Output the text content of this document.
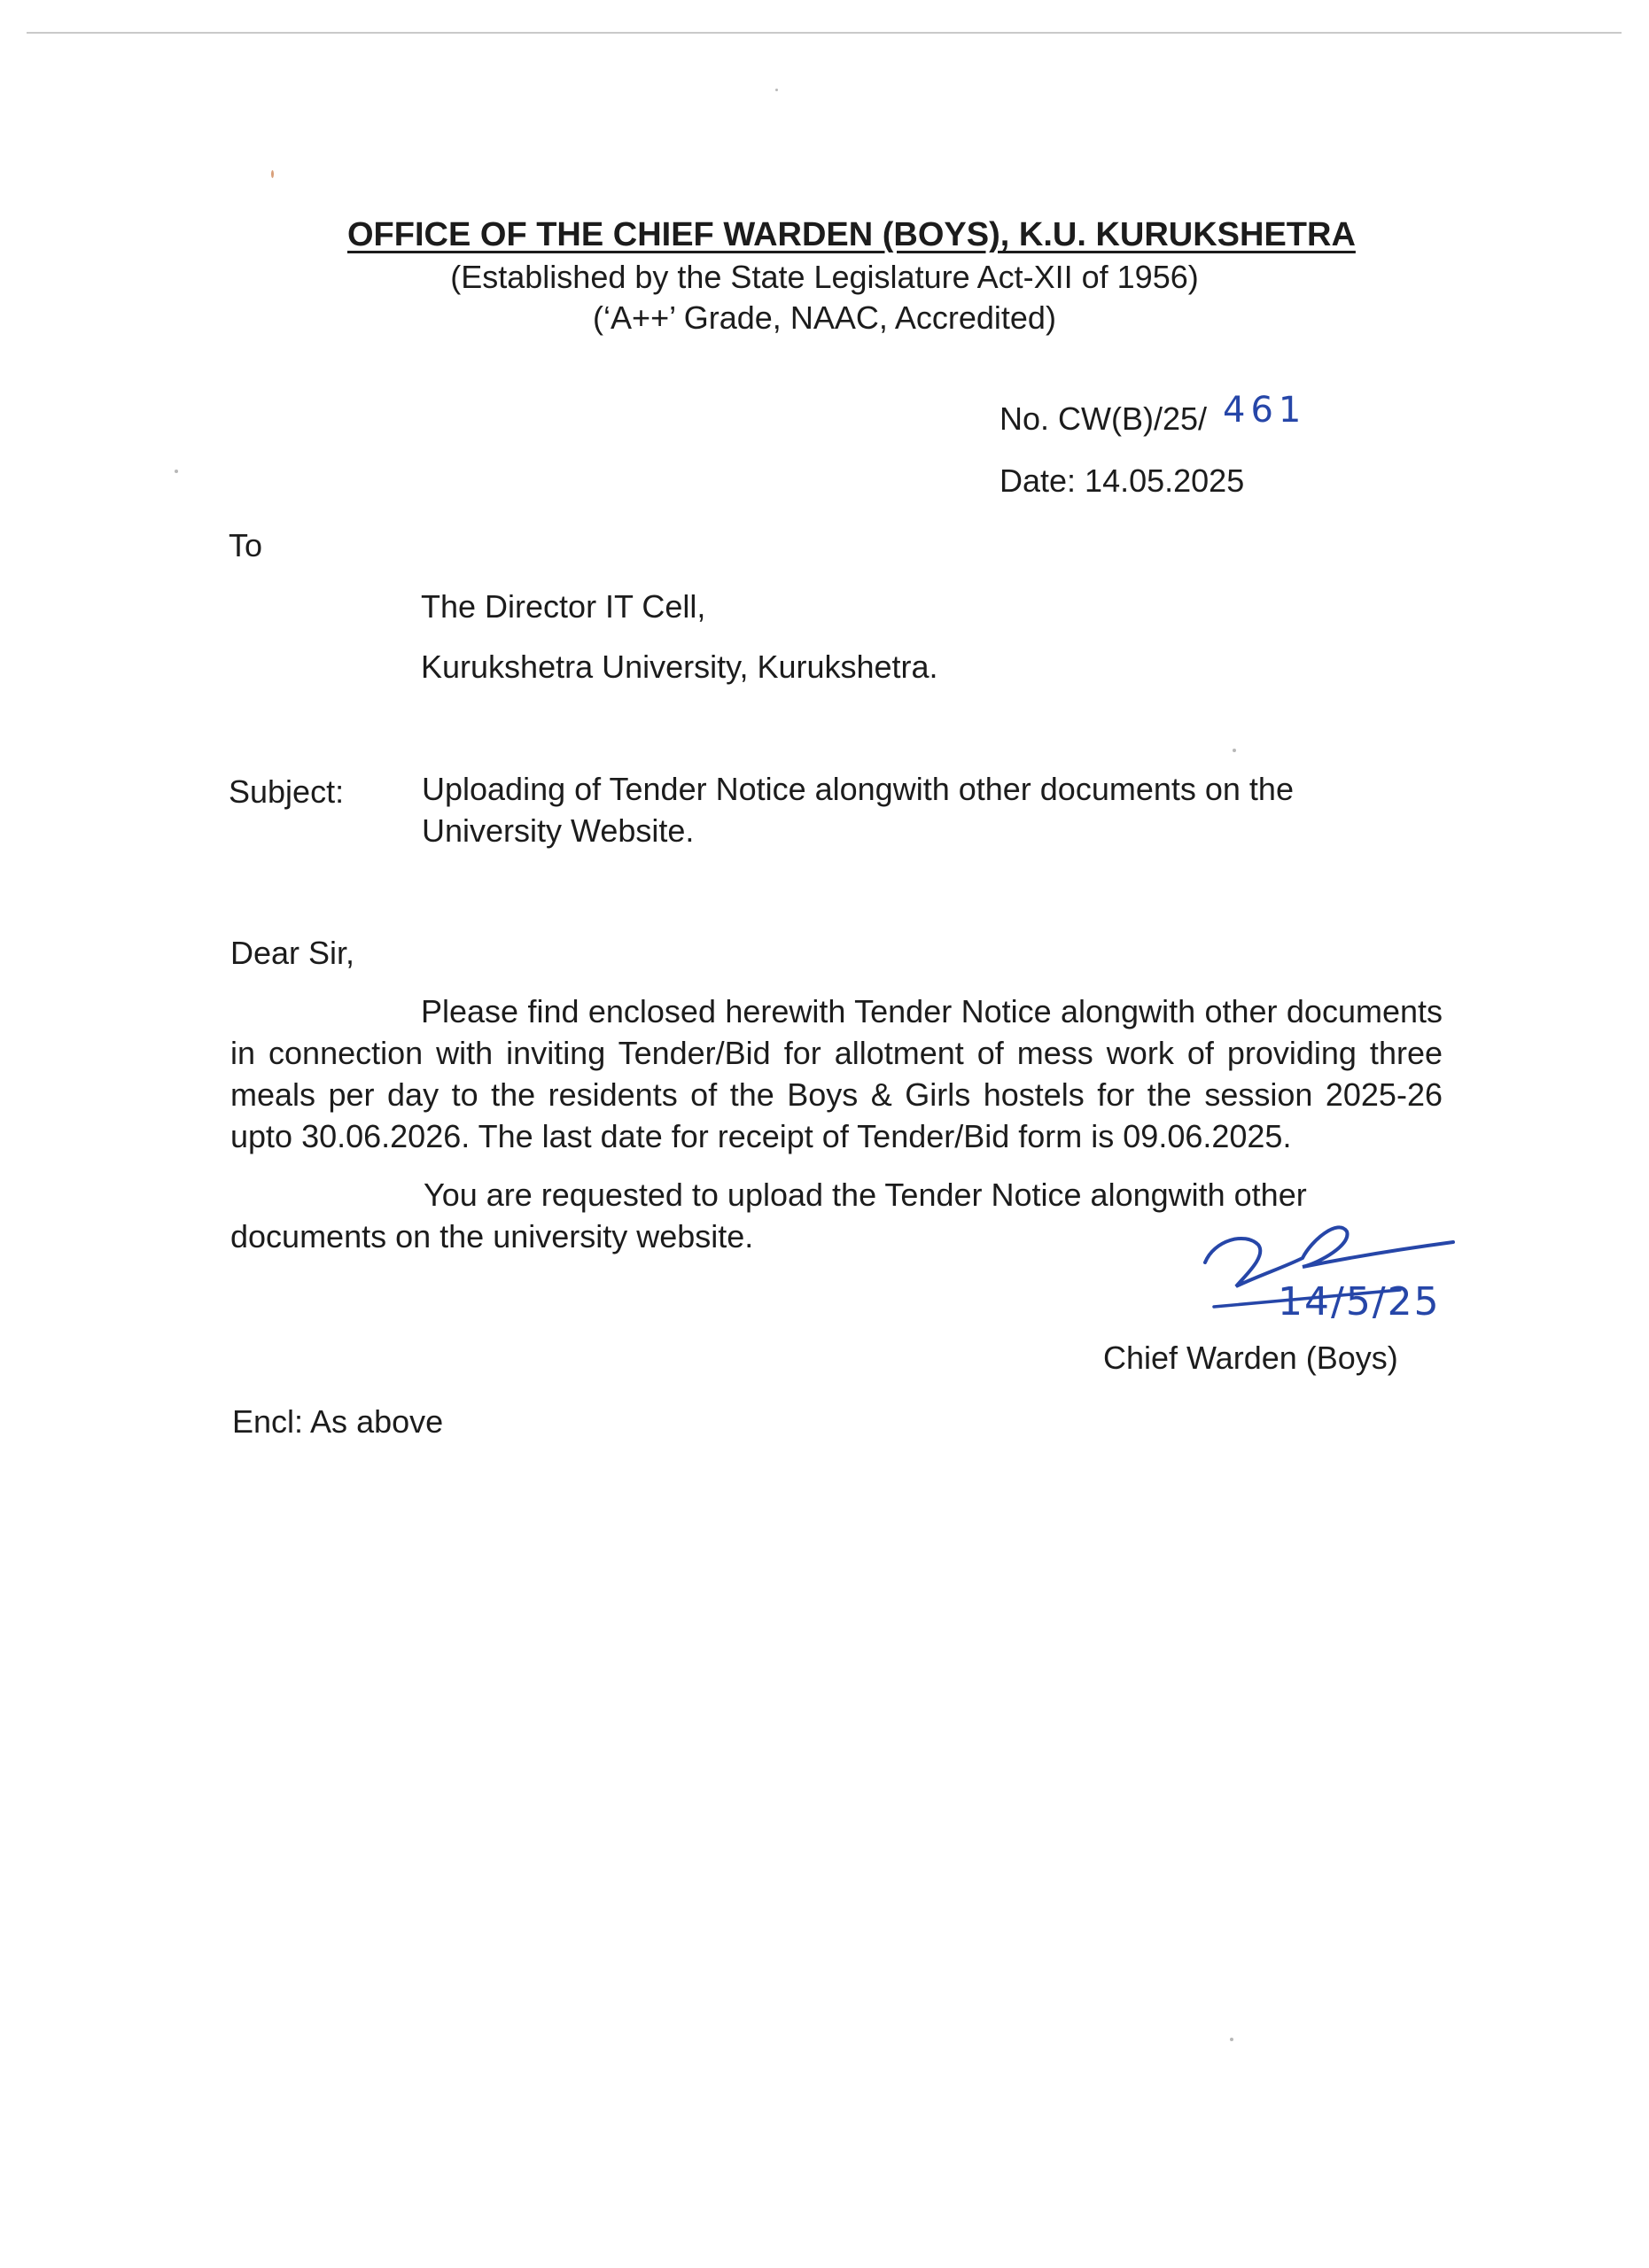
OFFICE OF THE CHIEF WARDEN (BOYS), K.U. KURUKSHETRA
(Established by the State Legislature Act-XII of 1956)
(‘A++’ Grade, NAAC, Accredited)
No. CW(B)/25/ 461
Date: 14.05.2025
To
The Director IT Cell,
Kurukshetra University, Kurukshetra.
Subject: Uploading of Tender Notice alongwith other documents on the
University Website.
Dear Sir,
Please find enclosed herewith Tender Notice alongwith other documents in connection with inviting Tender/Bid for allotment of mess work of providing three meals per day to the residents of the Boys & Girls hostels for the session 2025-26 upto 30.06.2026. The last date for receipt of Tender/Bid form is 09.06.2025.
You are requested to upload the Tender Notice alongwith other
documents on the university website.
14/5/25
Chief Warden (Boys)
Encl: As above
